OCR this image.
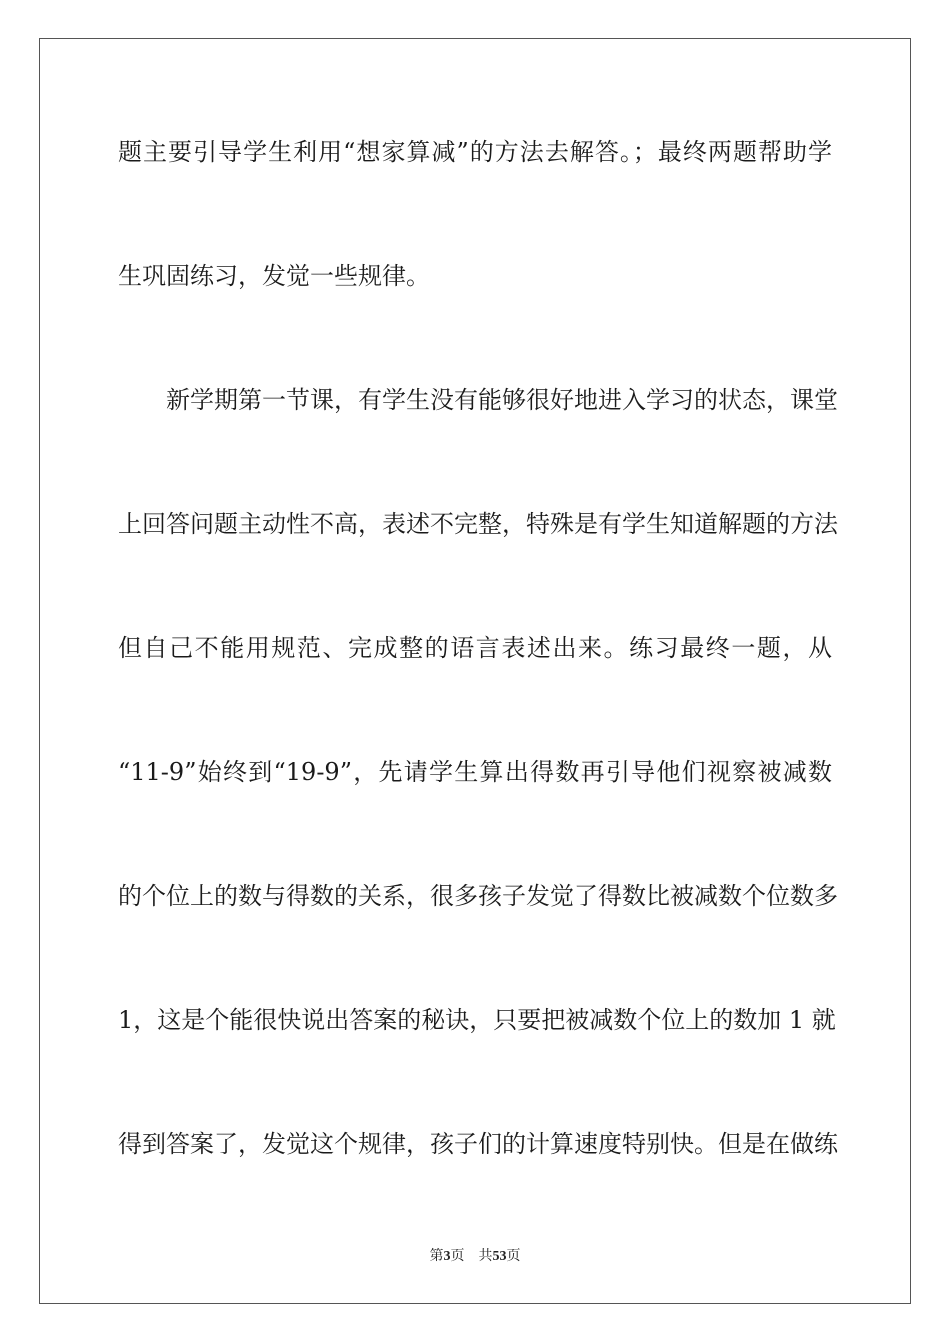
题主要引导学生利用“想家算减”的方法去解答。；最终两题帮助学

生巩固练习，发觉一些规律。

新学期第一节课，有学生没有能够很好地进入学习的状态，课堂

上回答问题主动性不高，表述不完整，特殊是有学生知道解题的方法

但自己不能用规范、完成整的语言表述出来。练习最终一题，从

“11-9”始终到“19-9”，先请学生算出得数再引导他们视察被减数

的个位上的数与得数的关系，很多孩子发觉了得数比被减数个位数多

1，这是个能很快说出答案的秘诀，只要把被减数个位上的数加 1 就

得到答案了，发觉这个规律，孩子们的计算速度特别快。但是在做练

第3页 共53页
